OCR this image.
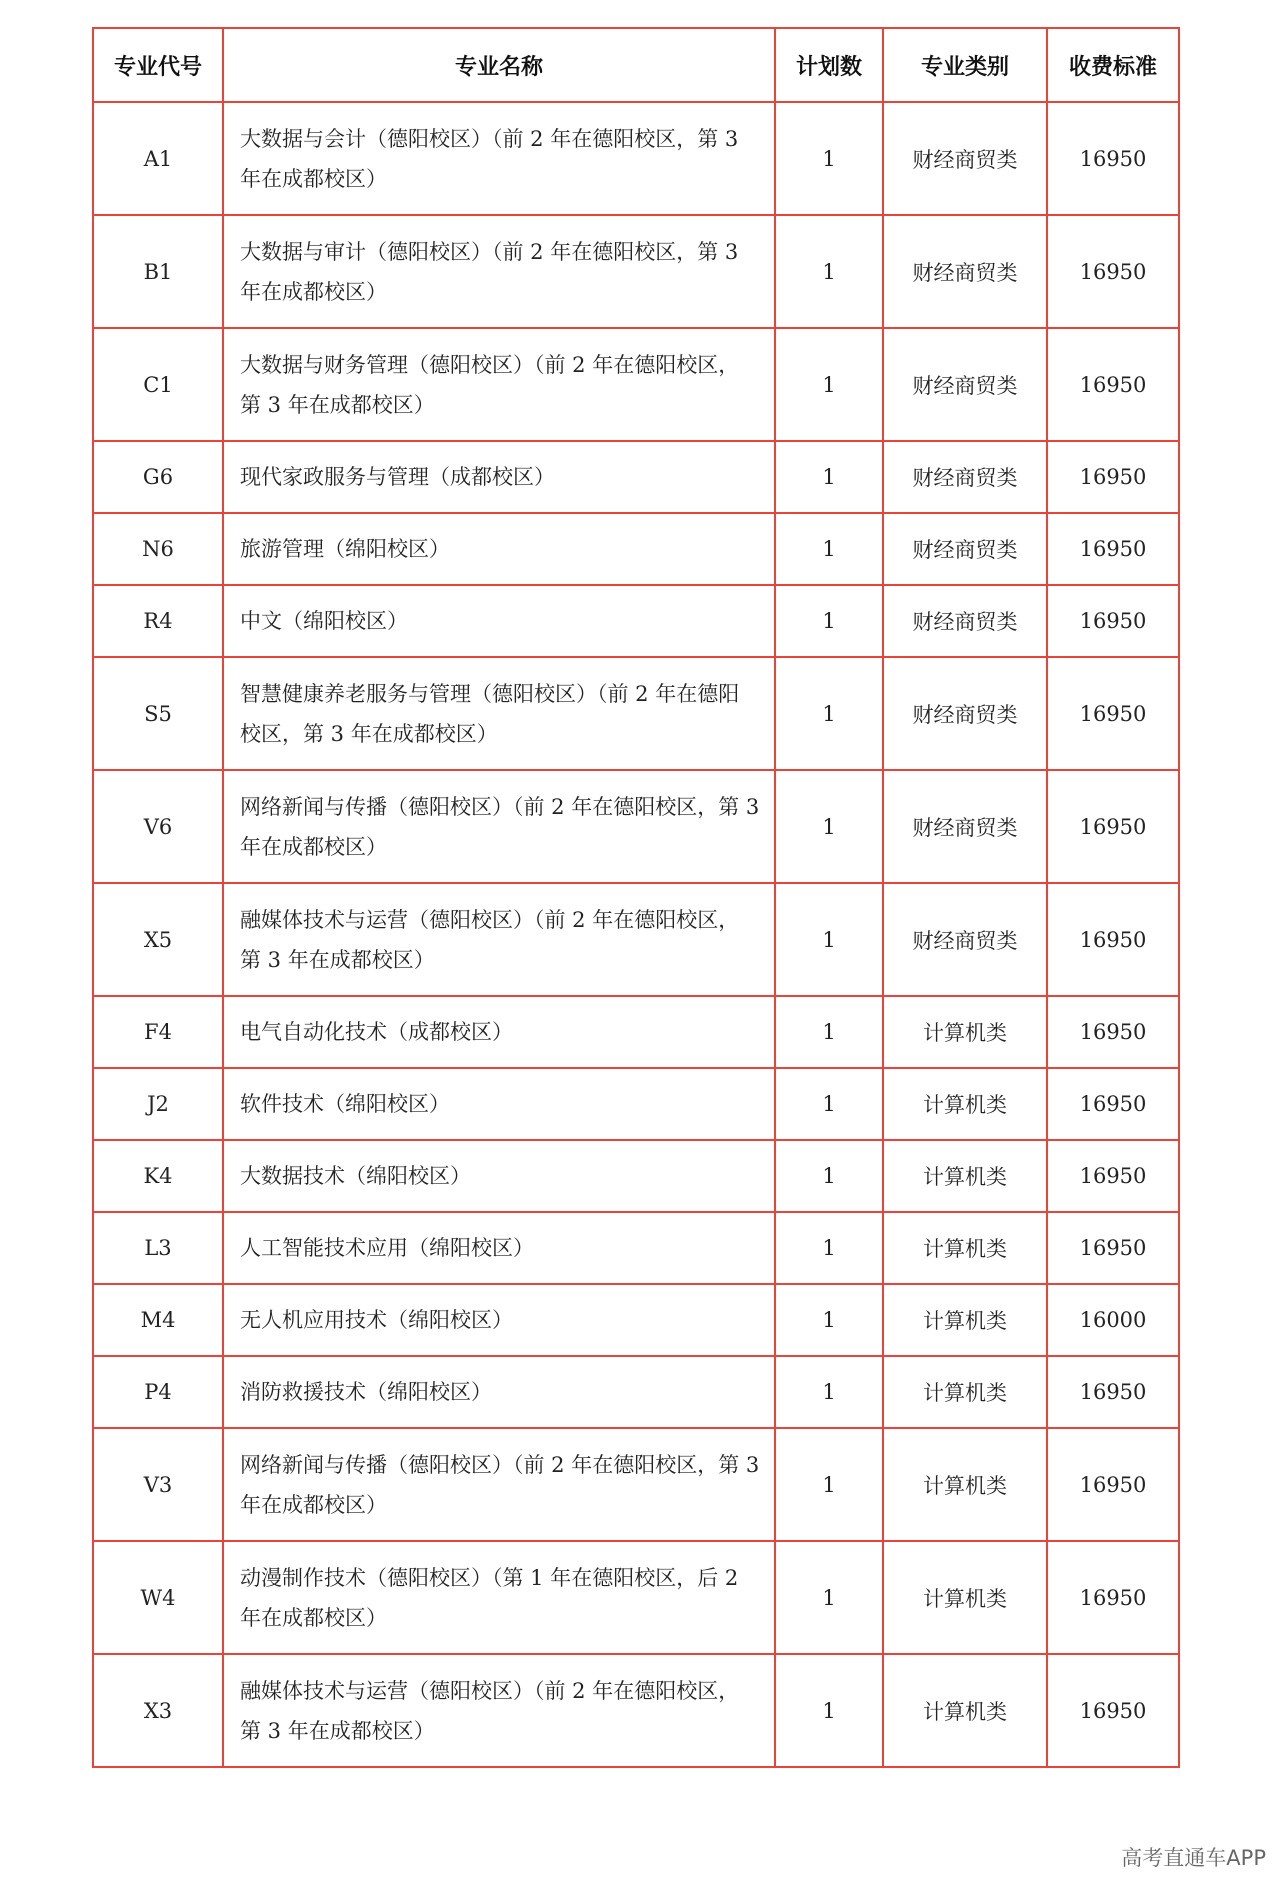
专业代号	专业名称	计划数	专业类别	收费标准
A1	大数据与会计（德阳校区）（前 2 年在德阳校区，第 3 年在成都校区）	1	财经商贸类	16950
B1	大数据与审计（德阳校区）（前 2 年在德阳校区，第 3 年在成都校区）	1	财经商贸类	16950
C1	大数据与财务管理（德阳校区）（前 2 年在德阳校区，第 3 年在成都校区）	1	财经商贸类	16950
G6	现代家政服务与管理（成都校区）	1	财经商贸类	16950
N6	旅游管理（绵阳校区）	1	财经商贸类	16950
R4	中文（绵阳校区）	1	财经商贸类	16950
S5	智慧健康养老服务与管理（德阳校区）（前 2 年在德阳校区，第 3 年在成都校区）	1	财经商贸类	16950
V6	网络新闻与传播（德阳校区）（前 2 年在德阳校区，第 3 年在成都校区）	1	财经商贸类	16950
X5	融媒体技术与运营（德阳校区）（前 2 年在德阳校区，第 3 年在成都校区）	1	财经商贸类	16950
F4	电气自动化技术（成都校区）	1	计算机类	16950
J2	软件技术（绵阳校区）	1	计算机类	16950
K4	大数据技术（绵阳校区）	1	计算机类	16950
L3	人工智能技术应用（绵阳校区）	1	计算机类	16950
M4	无人机应用技术（绵阳校区）	1	计算机类	16000
P4	消防救援技术（绵阳校区）	1	计算机类	16950
V3	网络新闻与传播（德阳校区）（前 2 年在德阳校区，第 3 年在成都校区）	1	计算机类	16950
W4	动漫制作技术（德阳校区）（第 1 年在德阳校区，后 2 年在成都校区）	1	计算机类	16950
X3	融媒体技术与运营（德阳校区）（前 2 年在德阳校区，第 3 年在成都校区）	1	计算机类	16950
高考直通车APP
